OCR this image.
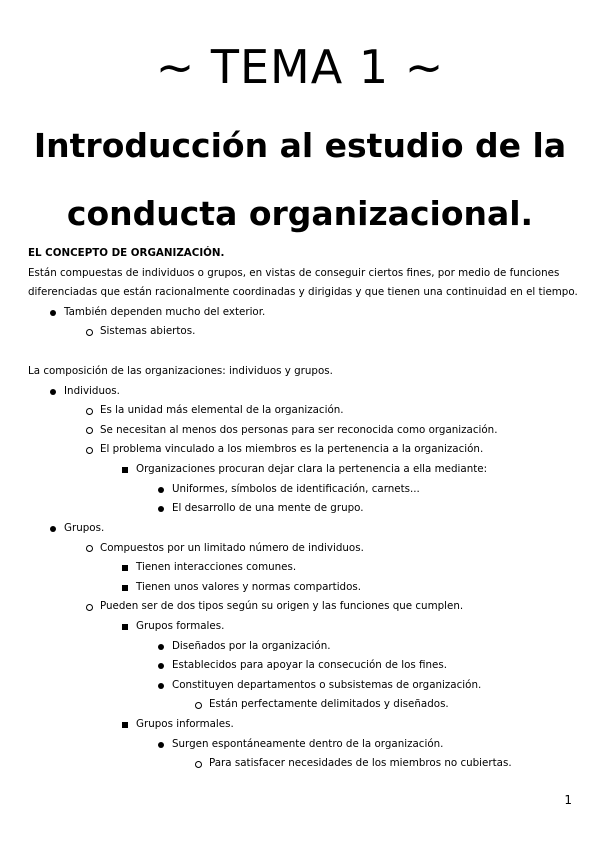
~ TEMA 1 ~
Introducción al estudio de la
conducta organizacional.
EL CONCEPTO DE ORGANIZACIÓN.
Están compuestas de individuos o grupos, en vistas de conseguir ciertos fines, por medio de funciones
diferenciadas que están racionalmente coordinadas y dirigidas y que tienen una continuidad en el tiempo.
También dependen mucho del exterior.
Sistemas abiertos.
La composición de las organizaciones: individuos y grupos.
Individuos.
Es la unidad más elemental de la organización.
Se necesitan al menos dos personas para ser reconocida como organización.
El problema vinculado a los miembros es la pertenencia a la organización.
Organizaciones procuran dejar clara la pertenencia a ella mediante:
Uniformes, símbolos de identificación, carnets...
El desarrollo de una mente de grupo.
Grupos.
Compuestos por un limitado número de individuos.
Tienen interacciones comunes.
Tienen unos valores y normas compartidos.
Pueden ser de dos tipos según su origen y las funciones que cumplen.
Grupos formales.
Diseñados por la organización.
Establecidos para apoyar la consecución de los fines.
Constituyen departamentos o subsistemas de organización.
Están perfectamente delimitados y diseñados.
Grupos informales.
Surgen espontáneamente dentro de la organización.
Para satisfacer necesidades de los miembros no cubiertas.
1
